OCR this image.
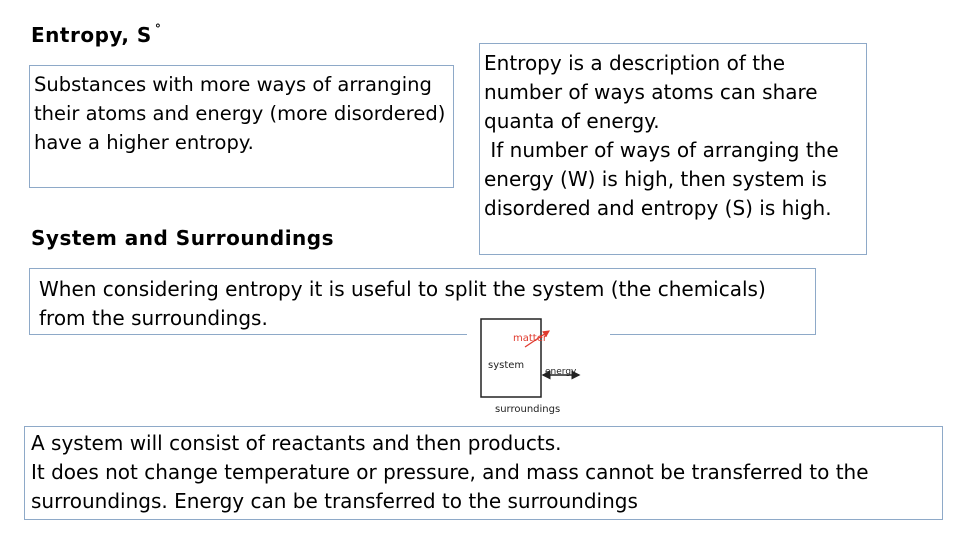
Entropy, S °

Substances with more ways of arranging their atoms and energy (more disordered) have a higher entropy.

System and Surroundings

Entropy is a description of the number of ways atoms can share quanta of energy.

If number of ways of arranging the energy (W) is high, then system is disordered and entropy (S) is high.

When considering entropy it is useful to split the system (the chemicals) from the surroundings.

matter
system
energy
surroundings

A system will consist of reactants and then products.

It does not change temperature or pressure, and mass cannot be transferred to the surroundings. Energy can be transferred to the surroundings
